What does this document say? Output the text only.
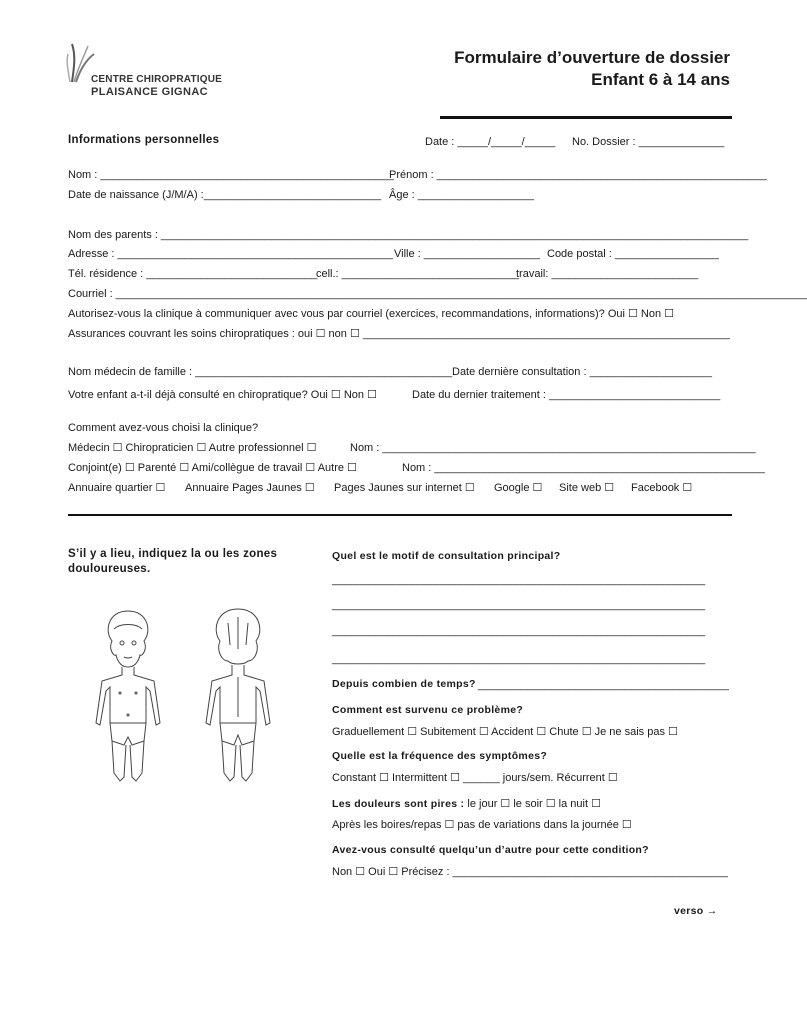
CENTRE CHIROPRATIQUE
PLAISANCE GIGNAC
Formulaire d’ouverture de dossier
Enfant 6 à 14 ans
Informations personnelles	Date : _____/_____/_____ No. Dossier : ______________
Nom : ________________________________________________
Prénom : ______________________________________________________
Date de naissance (J/M/A) :_____________________________ Âge : ___________________
Nom des parents : ________________________________________________________________________________________________
Adresse : _____________________________________________ Ville : ___________________ Code postal : _________________
Tél. résidence : ____________________________
cell.: _____________________________
travail: ________________________
Courriel : _________________________________________________________________________________________________________________
Autorisez-vous la clinique à communiquer avec vous par courriel (exercices, recommandations, informations)? Oui ☐ Non ☐
Assurances couvrant les soins chiropratiques : oui ☐ non ☐ ____________________________________________________________
Nom médecin de famille : __________________________________________ Date dernière consultation : ____________________
Votre enfant a-t-il déjà consulté en chiropratique? Oui ☐ Non ☐	Date du dernier traitement : ____________________________
Comment avez-vous choisi la clinique?
Médecin ☐ Chiropraticien ☐ Autre professionnel ☐	Nom : _____________________________________________________________
Conjoint(e) ☐ Parenté ☐ Ami/collègue de travail ☐ Autre ☐	Nom : ______________________________________________________
Annuaire quartier ☐ Annuaire Pages Jaunes ☐ Pages Jaunes sur internet ☐ Google ☐ Site web ☐ Facebook ☐
S’il y a lieu, indiquez la ou les zones
douloureuses.
Quel est le motif de consultation principal?
_____________________________________________________________
_____________________________________________________________
_____________________________________________________________
_____________________________________________________________
Depuis combien de temps? _________________________________________
Comment est survenu ce problème?
Graduellement ☐ Subitement ☐ Accident ☐ Chute ☐ Je ne sais pas ☐
Quelle est la fréquence des symptômes?
Constant ☐ Intermittent ☐ ______ jours/sem. Récurrent ☐
Les douleurs sont pires : le jour ☐ le soir ☐ la nuit ☐
Après les boires/repas ☐ pas de variations dans la journée ☐
Avez-vous consulté quelqu’un d’autre pour cette condition?
Non ☐ Oui ☐ Précisez : _____________________________________________
verso →
